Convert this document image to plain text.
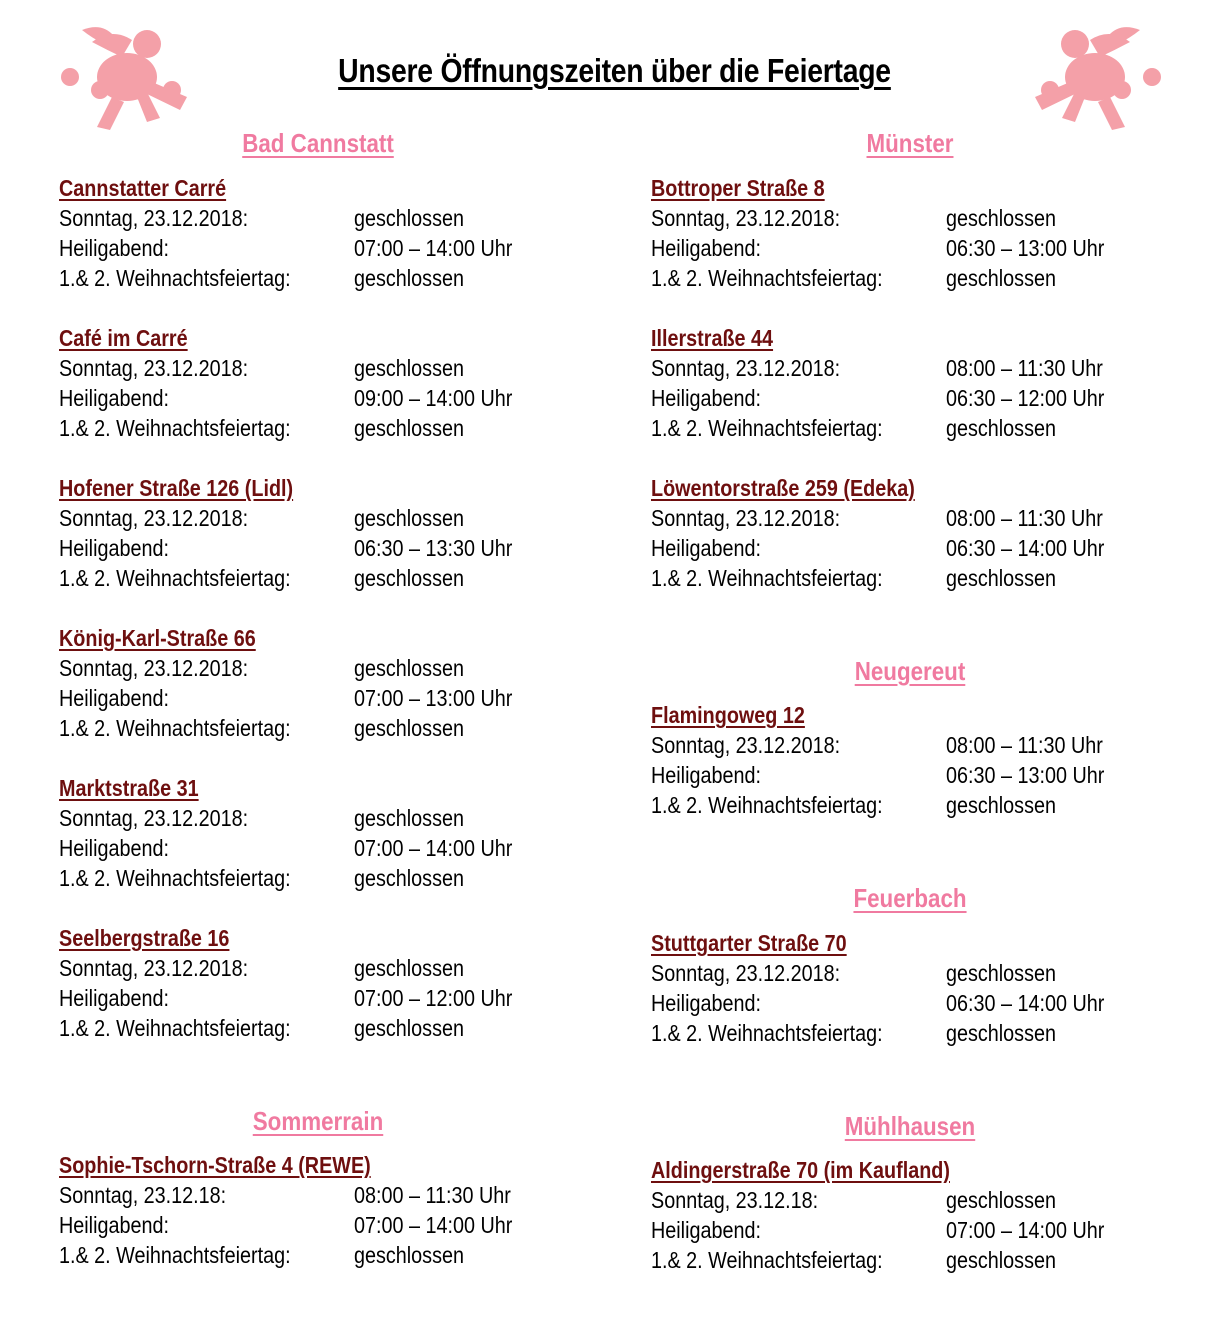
Unsere Öffnungszeiten über die Feiertage
Bad Cannstatt
Cannstatter Carré
Sonntag, 23.12.2018:	geschlossen
Heiligabend:	07:00 – 14:00 Uhr
1.& 2. Weihnachtsfeiertag:	geschlossen
Café im Carré
Sonntag, 23.12.2018:	geschlossen
Heiligabend:	09:00 – 14:00 Uhr
1.& 2. Weihnachtsfeiertag:	geschlossen
Hofener Straße 126 (Lidl)
Sonntag, 23.12.2018:	geschlossen
Heiligabend:	06:30 – 13:30 Uhr
1.& 2. Weihnachtsfeiertag:	geschlossen
König-Karl-Straße 66
Sonntag, 23.12.2018:	geschlossen
Heiligabend:	07:00 – 13:00 Uhr
1.& 2. Weihnachtsfeiertag:	geschlossen
Marktstraße 31
Sonntag, 23.12.2018:	geschlossen
Heiligabend:	07:00 – 14:00 Uhr
1.& 2. Weihnachtsfeiertag:	geschlossen
Seelbergstraße 16
Sonntag, 23.12.2018:	geschlossen
Heiligabend:	07:00 – 12:00 Uhr
1.& 2. Weihnachtsfeiertag:	geschlossen
Sommerrain
Sophie-Tschorn-Straße 4 (REWE)
Sonntag, 23.12.18:	08:00 – 11:30 Uhr
Heiligabend:	07:00 – 14:00 Uhr
1.& 2. Weihnachtsfeiertag:	geschlossen
Münster
Bottroper Straße 8
Sonntag, 23.12.2018:	geschlossen
Heiligabend:	06:30 – 13:00 Uhr
1.& 2. Weihnachtsfeiertag:	geschlossen
Illerstraße 44
Sonntag, 23.12.2018:	08:00 – 11:30 Uhr
Heiligabend:	06:30 – 12:00 Uhr
1.& 2. Weihnachtsfeiertag:	geschlossen
Löwentorstraße 259 (Edeka)
Sonntag, 23.12.2018:	08:00 – 11:30 Uhr
Heiligabend:	06:30 – 14:00 Uhr
1.& 2. Weihnachtsfeiertag:	geschlossen
Neugereut
Flamingoweg 12
Sonntag, 23.12.2018:	08:00 – 11:30 Uhr
Heiligabend:	06:30 – 13:00 Uhr
1.& 2. Weihnachtsfeiertag:	geschlossen
Feuerbach
Stuttgarter Straße 70
Sonntag, 23.12.2018:	geschlossen
Heiligabend:	06:30 – 14:00 Uhr
1.& 2. Weihnachtsfeiertag:	geschlossen
Mühlhausen
Aldingerstraße 70 (im Kaufland)
Sonntag, 23.12.18:	geschlossen
Heiligabend:	07:00 – 14:00 Uhr
1.& 2. Weihnachtsfeiertag:	geschlossen
